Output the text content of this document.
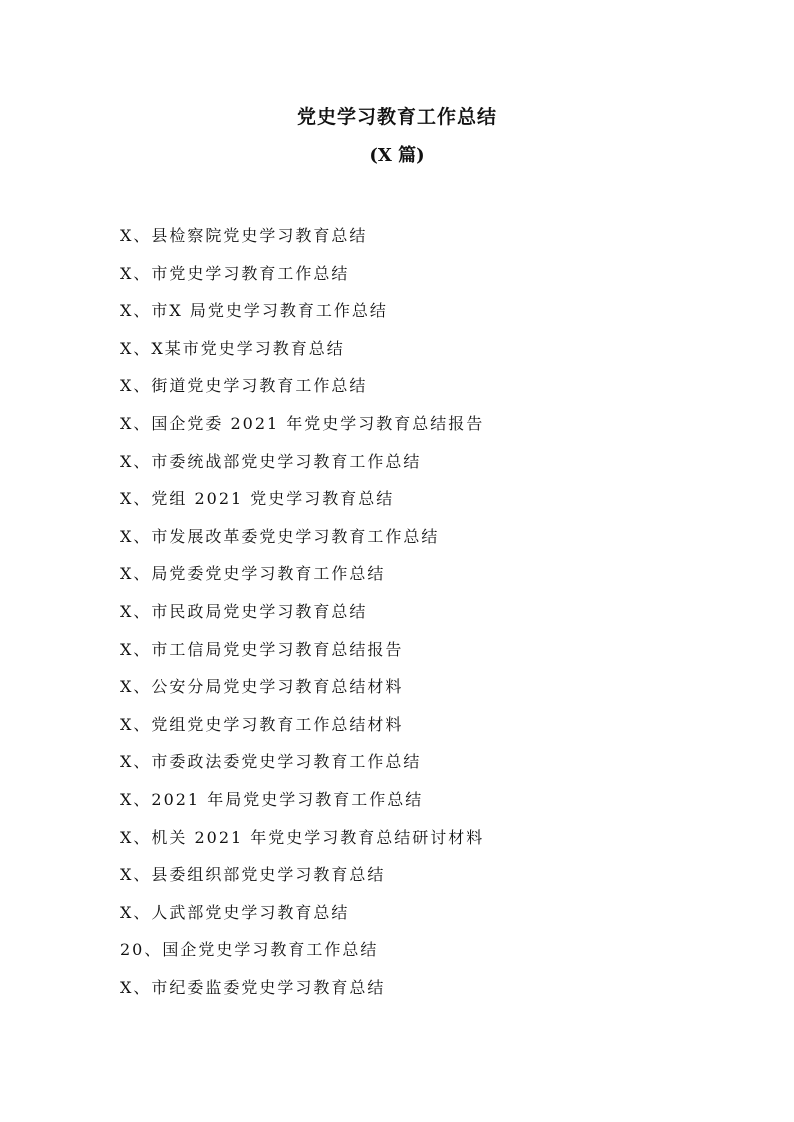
党史学习教育工作总结
(X 篇)
X、县检察院党史学习教育总结
X、市党史学习教育工作总结
X、市X 局党史学习教育工作总结
X、X某市党史学习教育总结
X、街道党史学习教育工作总结
X、国企党委 2021 年党史学习教育总结报告
X、市委统战部党史学习教育工作总结
X、党组 2021 党史学习教育总结
X、市发展改革委党史学习教育工作总结
X、局党委党史学习教育工作总结
X、市民政局党史学习教育总结
X、市工信局党史学习教育总结报告
X、公安分局党史学习教育总结材料
X、党组党史学习教育工作总结材料
X、市委政法委党史学习教育工作总结
X、2021 年局党史学习教育工作总结
X、机关 2021 年党史学习教育总结研讨材料
X、县委组织部党史学习教育总结
X、人武部党史学习教育总结
20、国企党史学习教育工作总结
X、市纪委监委党史学习教育总结
